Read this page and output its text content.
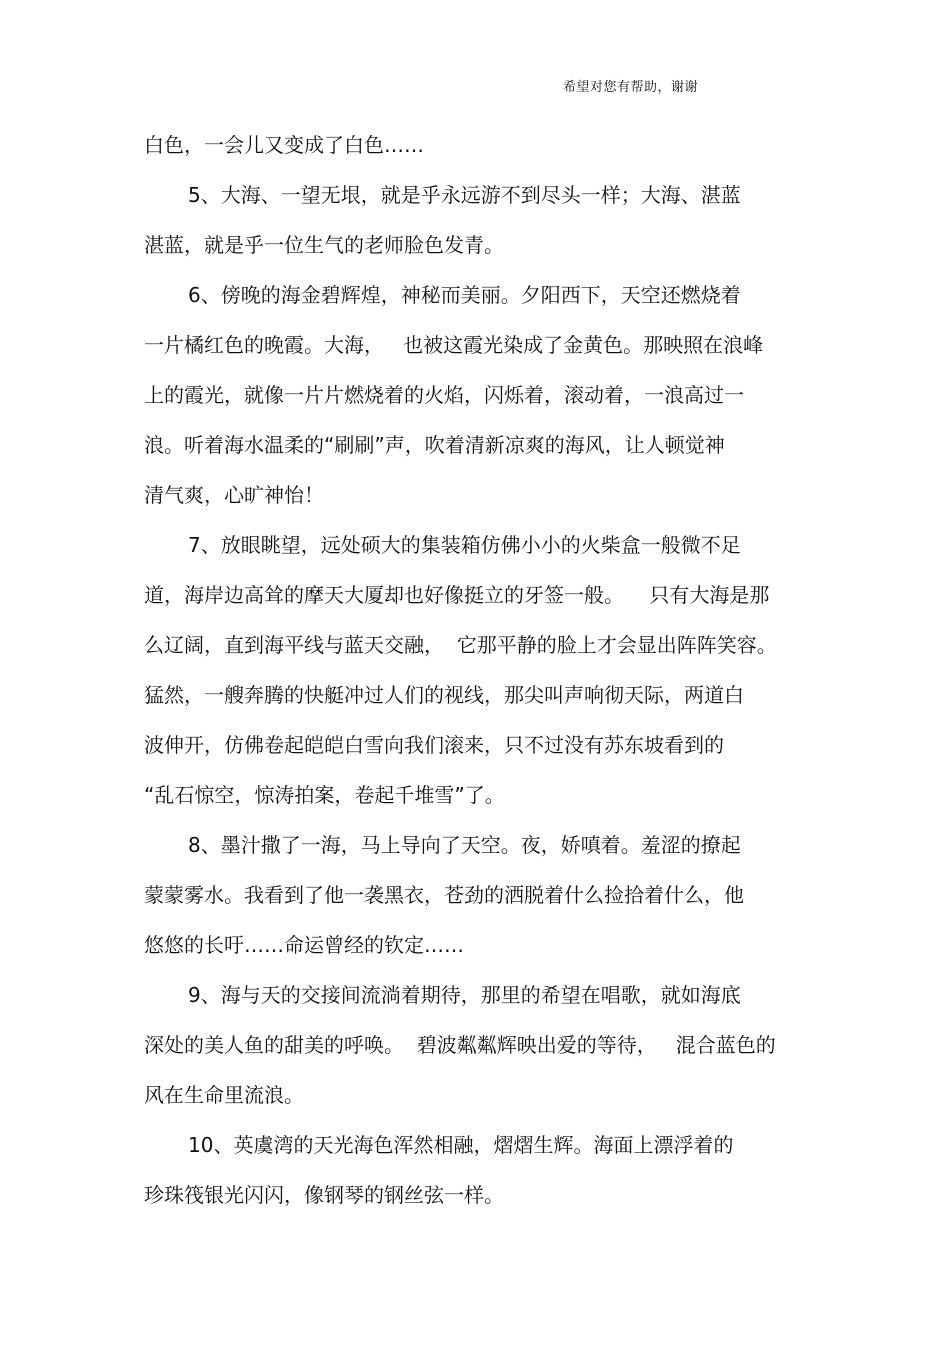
希望对您有帮助，谢谢
白色，一会儿又变成了白色……
5、大海、一望无垠，就是乎永远游不到尽头一样；大海、湛蓝
湛蓝，就是乎一位生气的老师脸色发青。
6、傍晚的海金碧辉煌，神秘而美丽。夕阳西下，天空还燃烧着
一片橘红色的晚霞。大海，   也被这霞光染成了金黄色。那映照在浪峰
上的霞光，就像一片片燃烧着的火焰，闪烁着，滚动着，一浪高过一
浪。听着海水温柔的“刷刷”声，吹着清新凉爽的海风，让人顿觉神
清气爽，心旷神怡！
7、放眼眺望，远处硕大的集装箱仿佛小小的火柴盒一般微不足
道，海岸边高耸的摩天大厦却也好像挺立的牙签一般。    只有大海是那
么辽阔，直到海平线与蓝天交融，  它那平静的脸上才会显出阵阵笑容。
猛然，一艘奔腾的快艇冲过人们的视线，那尖叫声响彻天际，两道白
波伸开，仿佛卷起皑皑白雪向我们滚来，只不过没有苏东坡看到的
“乱石惊空，惊涛拍案，卷起千堆雪”了。
8、墨汁撒了一海，马上导向了天空。夜，娇嗔着。羞涩的撩起
蒙蒙雾水。我看到了他一袭黑衣，苍劲的洒脱着什么捡拾着什么，他
悠悠的长吁……命运曾经的钦定……
9、海与天的交接间流淌着期待，那里的希望在唱歌，就如海底
深处的美人鱼的甜美的呼唤。  碧波粼粼辉映出爱的等待，   混合蓝色的
风在生命里流浪。
10、英虞湾的天光海色浑然相融，熠熠生辉。海面上漂浮着的
珍珠筏银光闪闪，像钢琴的钢丝弦一样。
